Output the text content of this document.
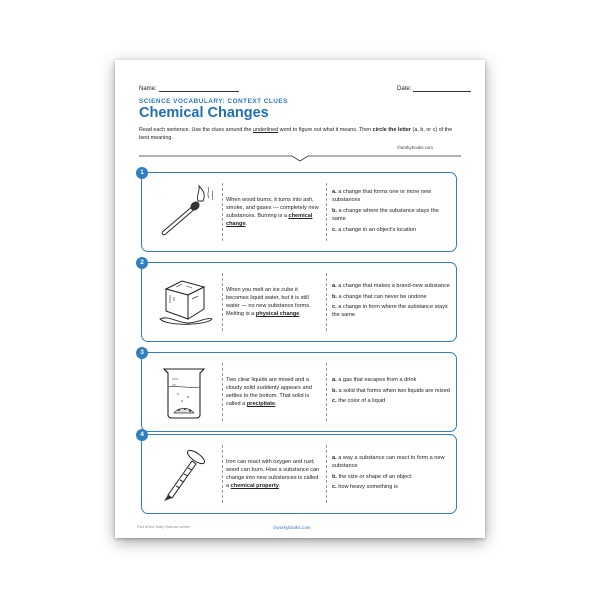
Name:	Date:
SCIENCE VOCABULARY: CONTEXT CLUES
Chemical Changes
Read each sentence. Use the clues around the underlined word to figure out what it means. Then circle the letter (a, b, or c) of the best meaning.
©workybooks.com
1

When wood burns, it turns into ash, smoke, and gases — completely new substances. Burning is a chemical change.

a. a change that forms one or more new substances
b. a change where the substance stays the same
c. a change in an object's location
2

When you melt an ice cube it becomes liquid water, but it is still water — no new substance forms. Melting is a physical change.

a. a change that makes a brand-new substance
b. a change that can never be undone
c. a change in form where the substance stays the same
3

Two clear liquids are mixed and a cloudy solid suddenly appears and settles to the bottom. That solid is called a precipitate.

a. a gas that escapes from a drink
b. a solid that forms when two liquids are mixed
c. the color of a liquid
4

Iron can react with oxygen and rust; wood can burn. How a substance can change into new substances is called a chemical property.

a. a way a substance can react to form a new substance
b. the size or shape of an object
c. how heavy something is
Part of the Daily Science series	©workybooks.com
